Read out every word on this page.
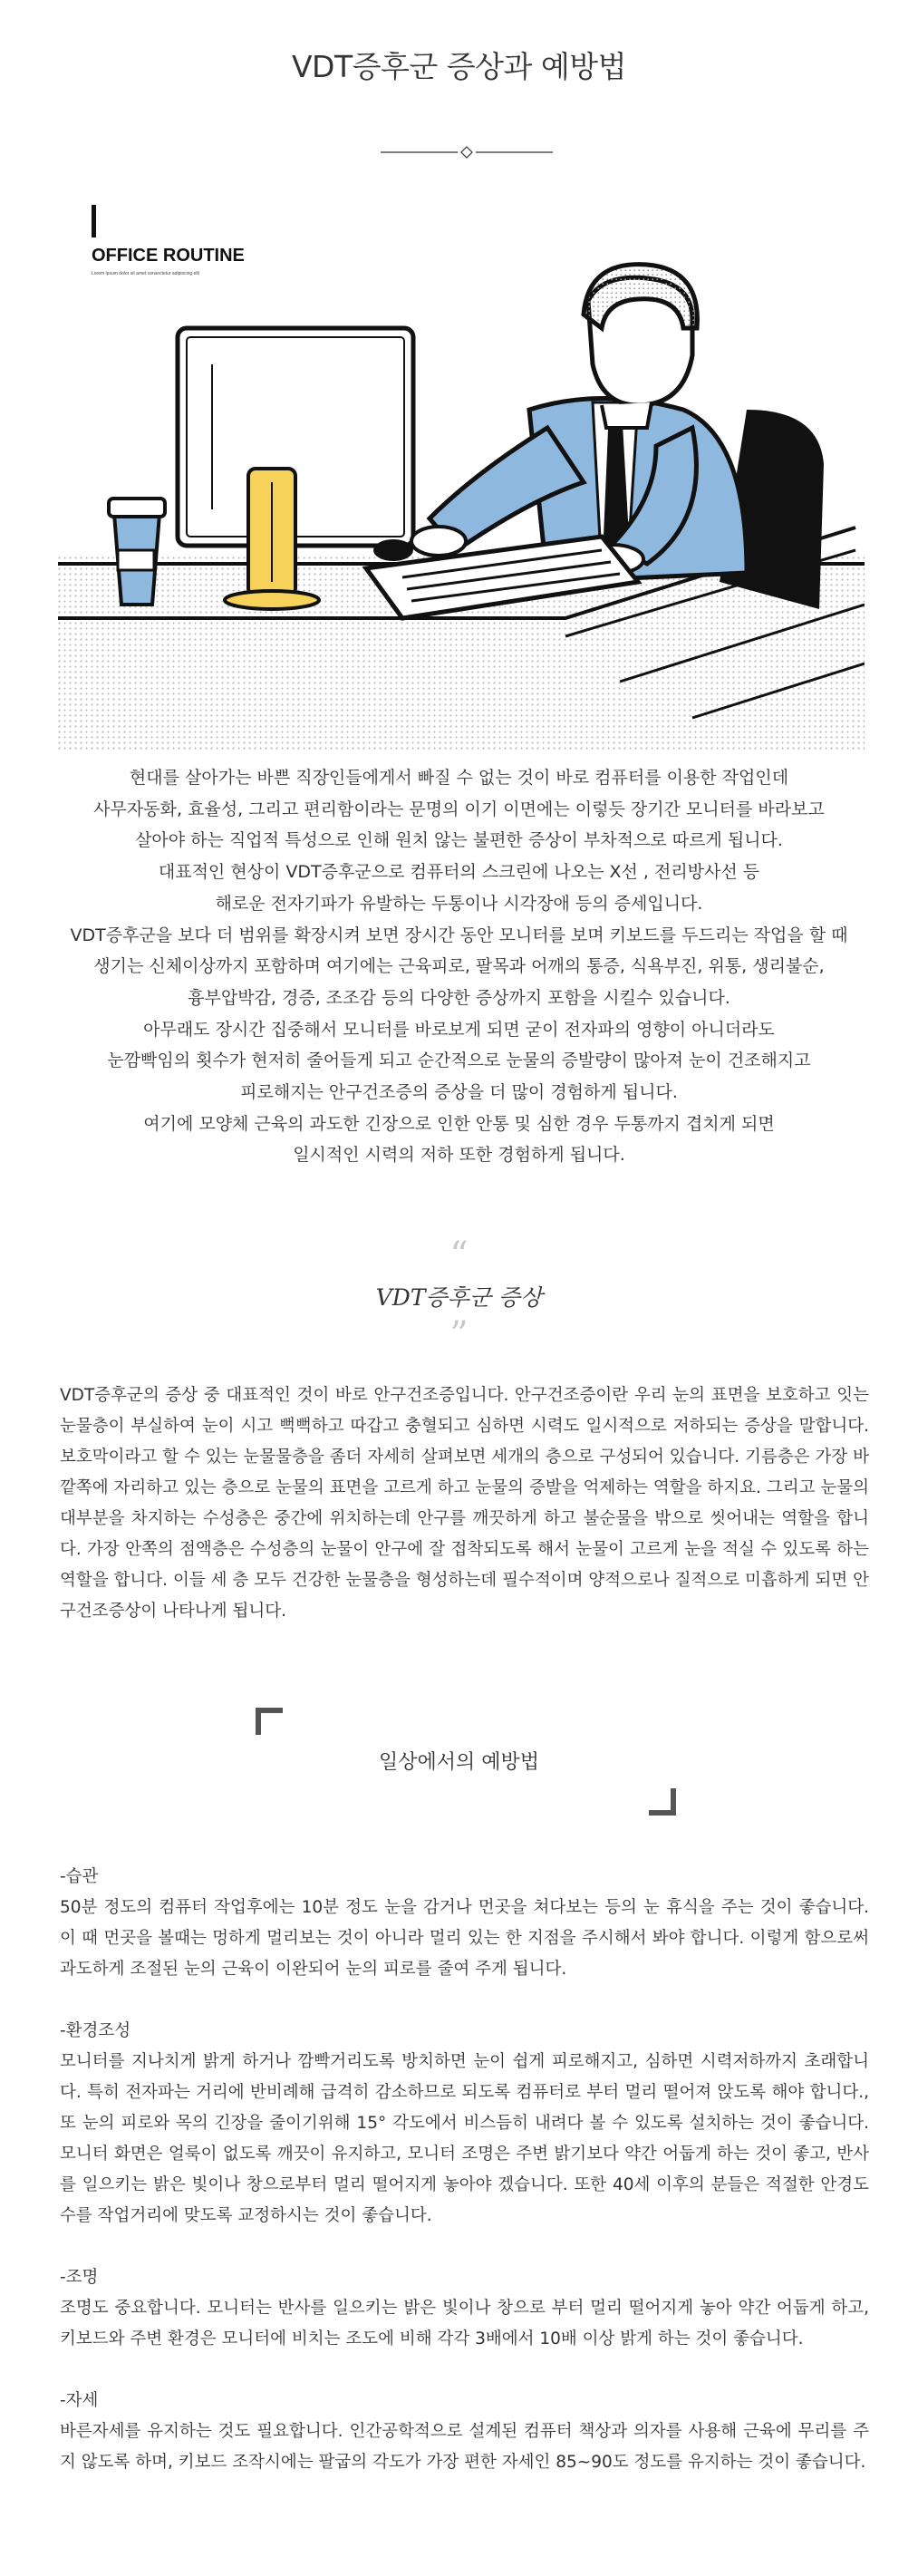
VDT증후군 증상과 예방법
OFFICE ROUTINE
Lorem ipsum dolor sit amet consectetur adipiscing elit

현대를 살아가는 바쁜 직장인들에게서 빠질 수 없는 것이 바로 컴퓨터를 이용한 작업인데

사무자동화, 효율성, 그리고 편리함이라는 문명의 이기 이면에는 이렇듯 장기간 모니터를 바라보고

살아야 하는 직업적 특성으로 인해 원치 않는 불편한 증상이 부차적으로 따르게 됩니다.

대표적인 현상이 VDT증후군으로 컴퓨터의 스크린에 나오는 X선 , 전리방사선 등

해로운 전자기파가 유발하는 두통이나 시각장애 등의 증세입니다.

VDT증후군을 보다 더 범위를 확장시켜 보면 장시간 동안 모니터를 보며 키보드를 두드리는 작업을 할 때

생기는 신체이상까지 포함하며 여기에는 근육피로, 팔목과 어깨의 통증, 식욕부진, 위통, 생리불순,

흉부압박감, 경증, 조조감 등의 다양한 증상까지 포함을 시킬수 있습니다.

아무래도 장시간 집중해서 모니터를 바로보게 되면 굳이 전자파의 영향이 아니더라도

눈깜빡임의 횟수가 현저히 줄어들게 되고 순간적으로 눈물의 증발량이 많아져 눈이 건조해지고

피로해지는 안구건조증의 증상을 더 많이 경험하게 됩니다.

여기에 모양체 근육의 과도한 긴장으로 인한 안통 및 심한 경우 두통까지 겹치게 되면

일시적인 시력의 저하 또한 경험하게 됩니다.

“
VDT증후군 증상
”
VDT증후군의 증상 중 대표적인 것이 바로 안구건조증입니다. 안구건조증이란 우리 눈의 표면을 보호하고 잇는 눈물층이 부실하여 눈이 시고 뻑뻑하고 따갑고 충혈되고 심하면 시력도 일시적으로 저하되는 증상을 말합니다. 보호막이라고 할 수 있는 눈물물층을 좀더 자세히 살펴보면 세개의 층으로 구성되어 있습니다. 기름층은 가장 바깥쪽에 자리하고 있는 층으로 눈물의 표면을 고르게 하고 눈물의 증발을 억제하는 역할을 하지요. 그리고 눈물의 대부분을 차지하는 수성층은 중간에 위치하는데 안구를 깨끗하게 하고 불순물을 밖으로 씻어내는 역할을 합니다. 가장 안쪽의 점액층은 수성층의 눈물이 안구에 잘 접착되도록 해서 눈물이 고르게 눈을 적실 수 있도록 하는 역할을 합니다. 이들 세 층 모두 건강한 눈물층을 형성하는데 필수적이며 양적으로나 질적으로 미흡하게 되면 안구건조증상이 나타나게 됩니다.
일상에서의 예방법
-습관
50분 정도의 컴퓨터 작업후에는 10분 정도 눈을 감거나 먼곳을 쳐다보는 등의 눈 휴식을 주는 것이 좋습니다. 이 때 먼곳을 볼때는 멍하게 멀리보는 것이 아니라 멀리 있는 한 지점을 주시해서 봐야 합니다. 이렇게 함으로써 과도하게 조절된 눈의 근육이 이완되어 눈의 피로를 줄여 주게 됩니다.
-환경조성
모니터를 지나치게 밝게 하거나 깜빡거리도록 방치하면 눈이 쉽게 피로해지고, 심하면 시력저하까지 초래합니다. 특히 전자파는 거리에 반비례해 급격히 감소하므로 되도록 컴퓨터로 부터 멀리 떨어져 앉도록 해야 합니다., 또 눈의 피로와 목의 긴장을 줄이기위해 15° 각도에서 비스듬히 내려다 볼 수 있도록 설치하는 것이 좋습니다. 모니터 화면은 얼룩이 없도록 깨끗이 유지하고, 모니터 조명은 주변 밝기보다 약간 어둡게 하는 것이 좋고, 반사를 일으키는 밝은 빛이나 창으로부터 멀리 떨어지게 놓아야 겠습니다. 또한 40세 이후의 분들은 적절한 안경도수를 작업거리에 맞도록 교정하시는 것이 좋습니다.
-조명
조명도 중요합니다. 모니터는 반사를 일으키는 밝은 빛이나 창으로 부터 멀리 떨어지게 놓아 약간 어둡게 하고, 키보드와 주변 환경은 모니터에 비치는 조도에 비해 각각 3배에서 10배 이상 밝게 하는 것이 좋습니다.
-자세
바른자세를 유지하는 것도 필요합니다. 인간공학적으로 설계된 컴퓨터 책상과 의자를 사용해 근육에 무리를 주지 않도록 하며, 키보드 조작시에는 팔굽의 각도가 가장 편한 자세인 85~90도 정도를 유지하는 것이 좋습니다.
